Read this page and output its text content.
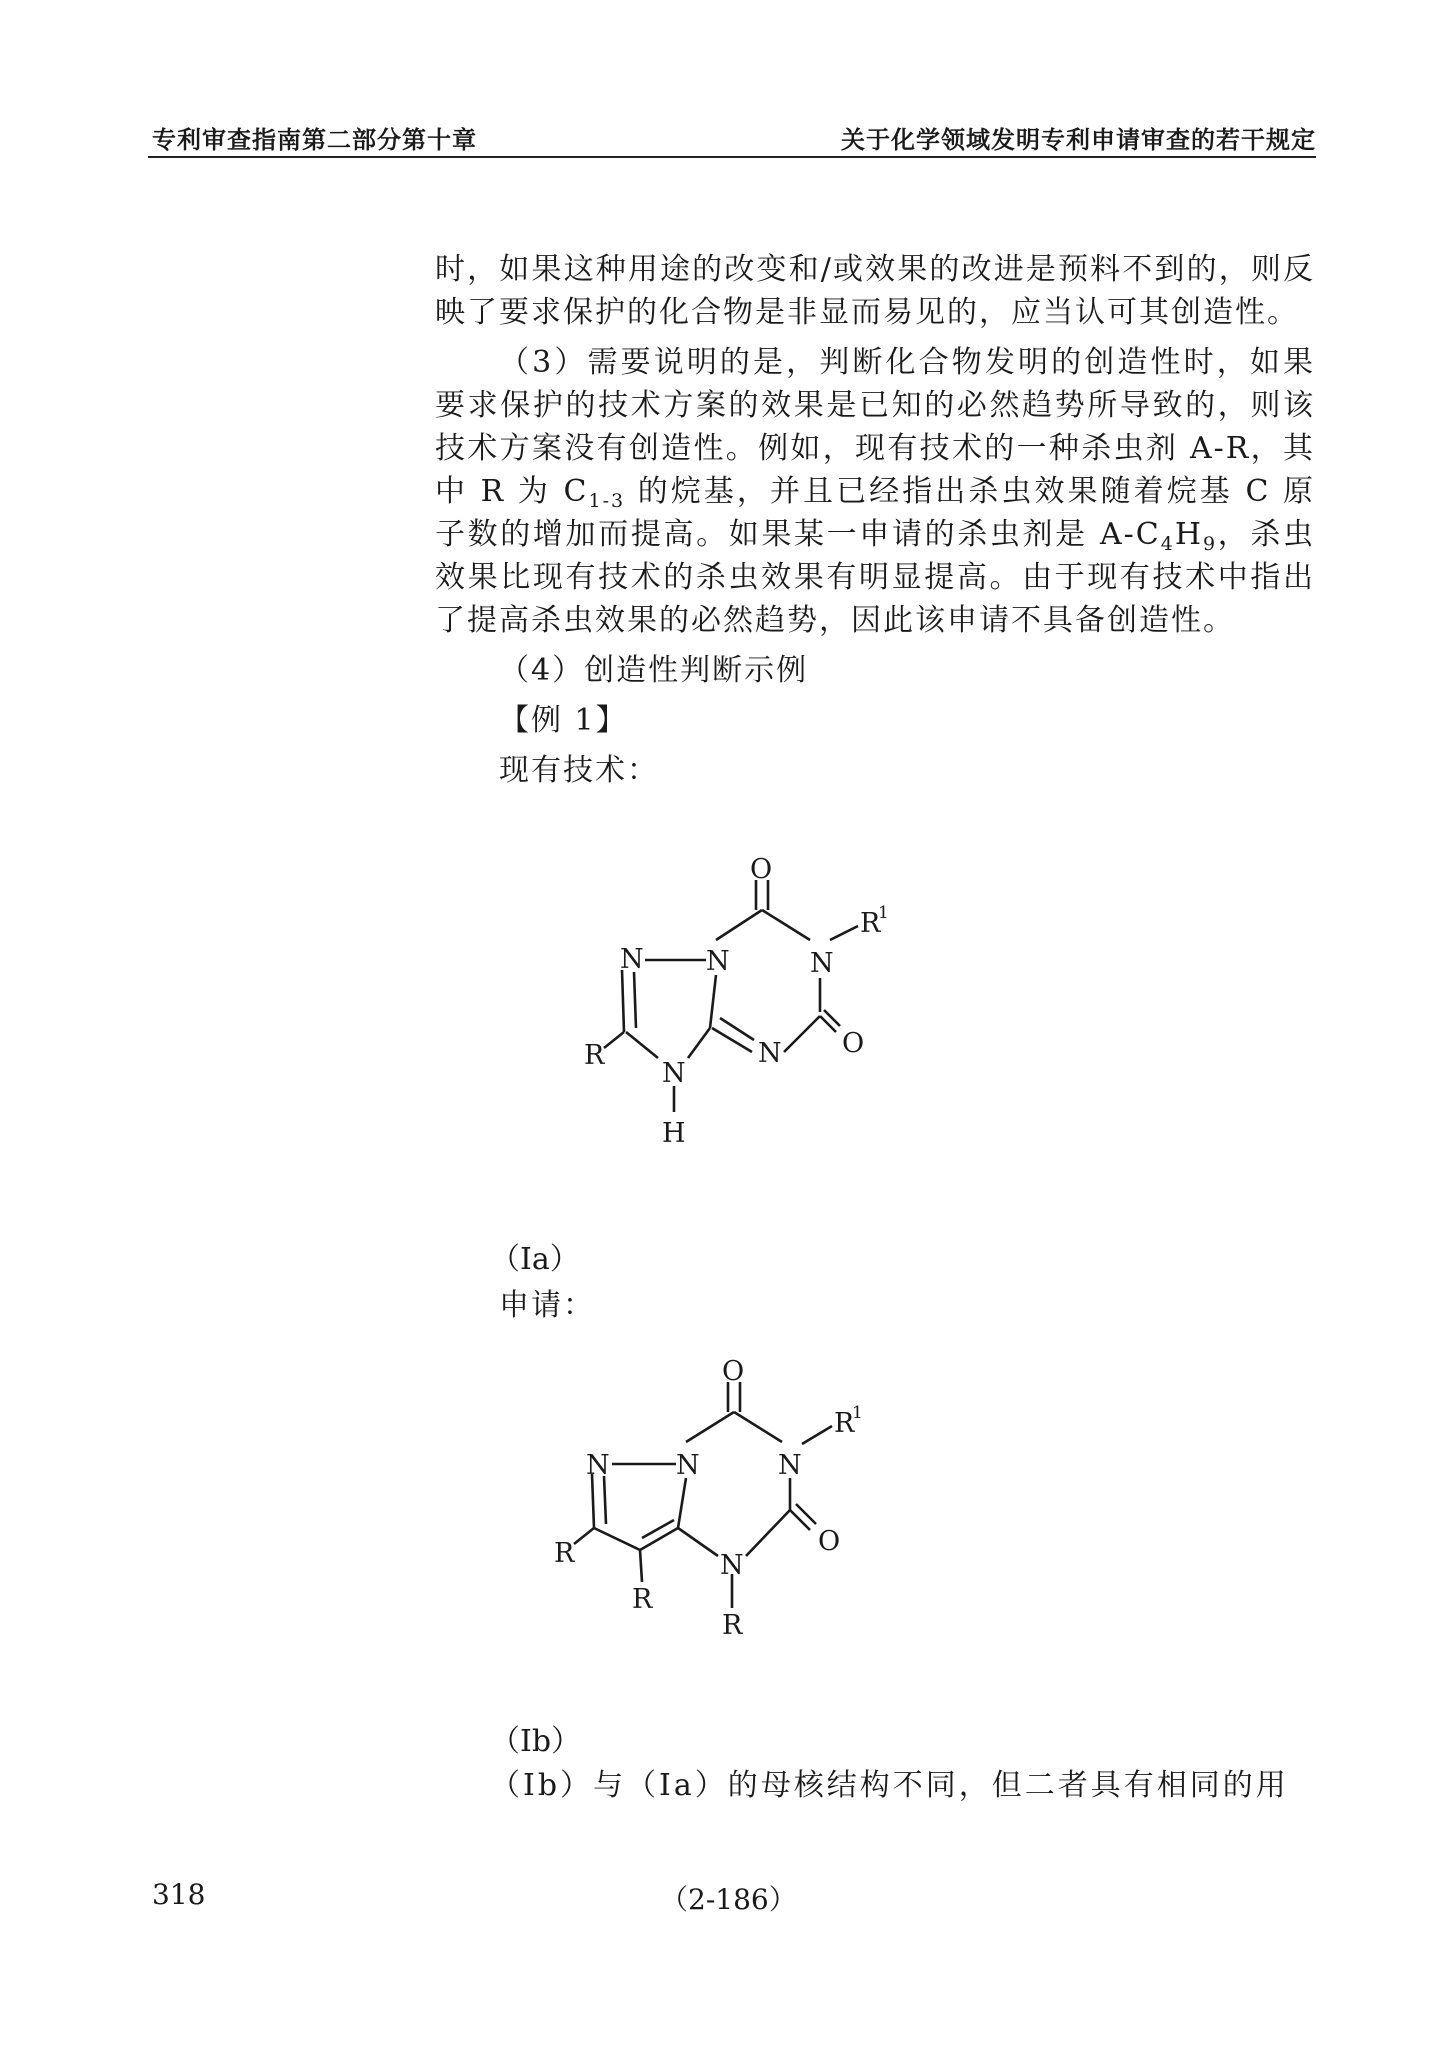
专利审查指南第二部分第十章	关于化学领域发明专利申请审查的若干规定

时，如果这种用途的改变和/或效果的改进是预料不到的，则反映了要求保护的化合物是非显而易见的，应当认可其创造性。

（3）需要说明的是，判断化合物发明的创造性时，如果要求保护的技术方案的效果是已知的必然趋势所导致的，则该技术方案没有创造性。例如，现有技术的一种杀虫剂 A-R，其中 R 为 $C_{1-3}$ 的烷基，并且已经指出杀虫效果随着烷基 C 原子数的增加而提高。如果某一申请的杀虫剂是 $A-C_4H_9$，杀虫效果比现有技术的杀虫效果有明显提高。由于现有技术中指出了提高杀虫效果的必然趋势，因此该申请不具备创造性。

（4）创造性判断示例

【例 1】

现有技术：

O
N
R
1
N
N
R	N
N
H
O
（Ia）
申请：
O
N
R
1
N
N
R
R
N
R
O
（Ib）
（Ⅰb）与（Ⅰa）的母核结构不同，但二者具有相同的用
318	（2-186）
